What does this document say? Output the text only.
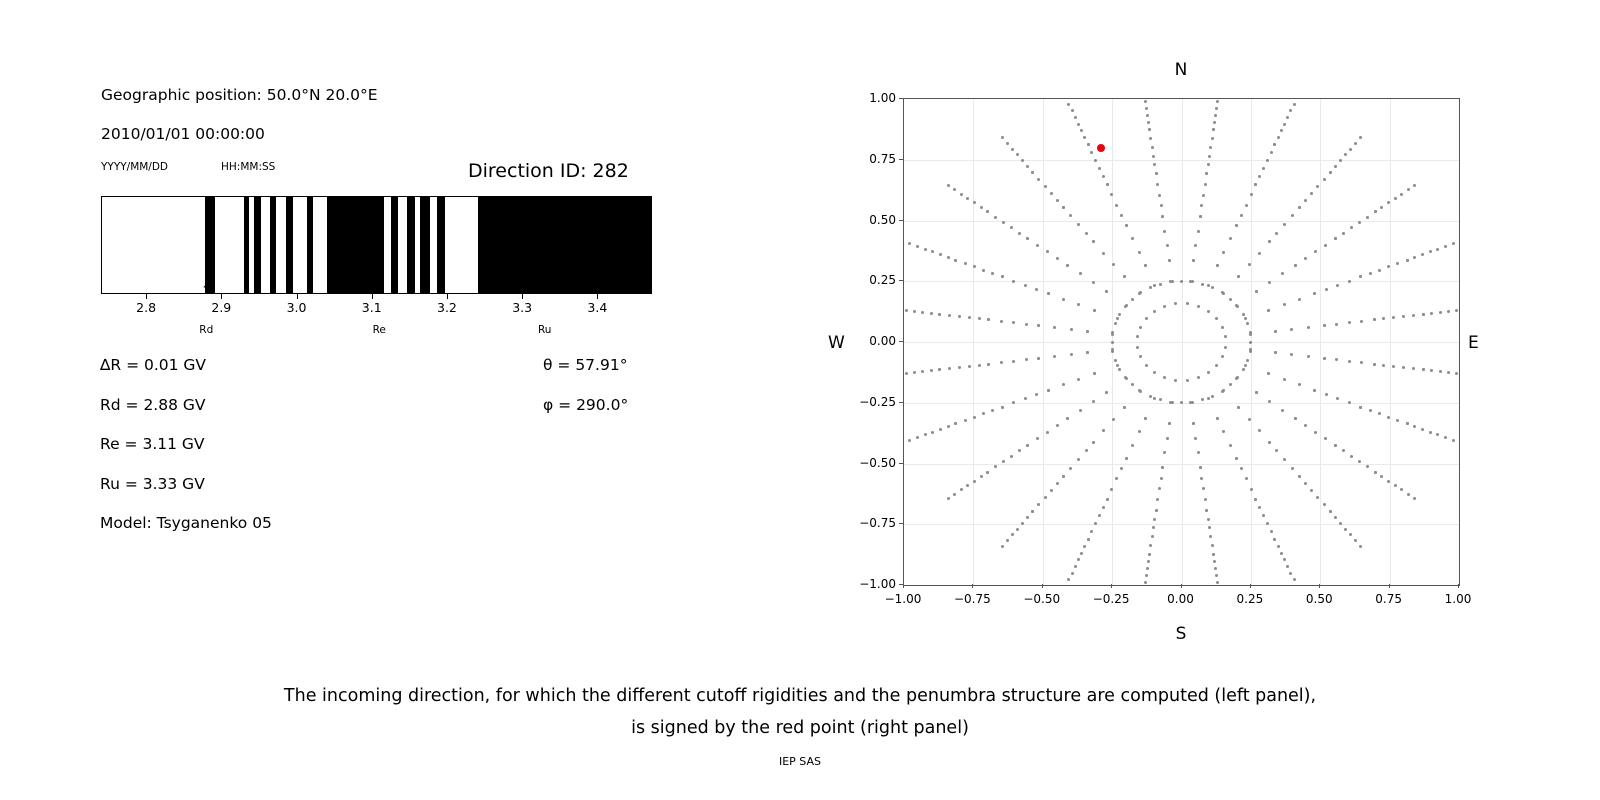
Geographic position: 50.0°N 20.0°E
2010/01/01 00:00:00
YYYY/MM/DD	HH:MM:SS	Direction ID: 282
2.8	2.9	3.0	3.1	3.2	3.3	3.4
↑
Rd
↑
Re
↑
Ru
∆R = 0.01 GV
Rd = 2.88 GV
Re = 3.11 GV
Ru = 3.33 GV
Model: Tsyganenko 05
θ = 57.91°
φ = 290.0°
N
S
W	E
−1.00	−0.75	−0.50	−0.25	0.00	0.25	0.50	0.75	1.00
−1.00
−0.75
−0.50
−0.25
0.00
0.25
0.50
0.75
1.00
The incoming direction, for which the different cutoff rigidities and the penumbra structure are computed (left panel),
is signed by the red point (right panel)
IEP SAS
